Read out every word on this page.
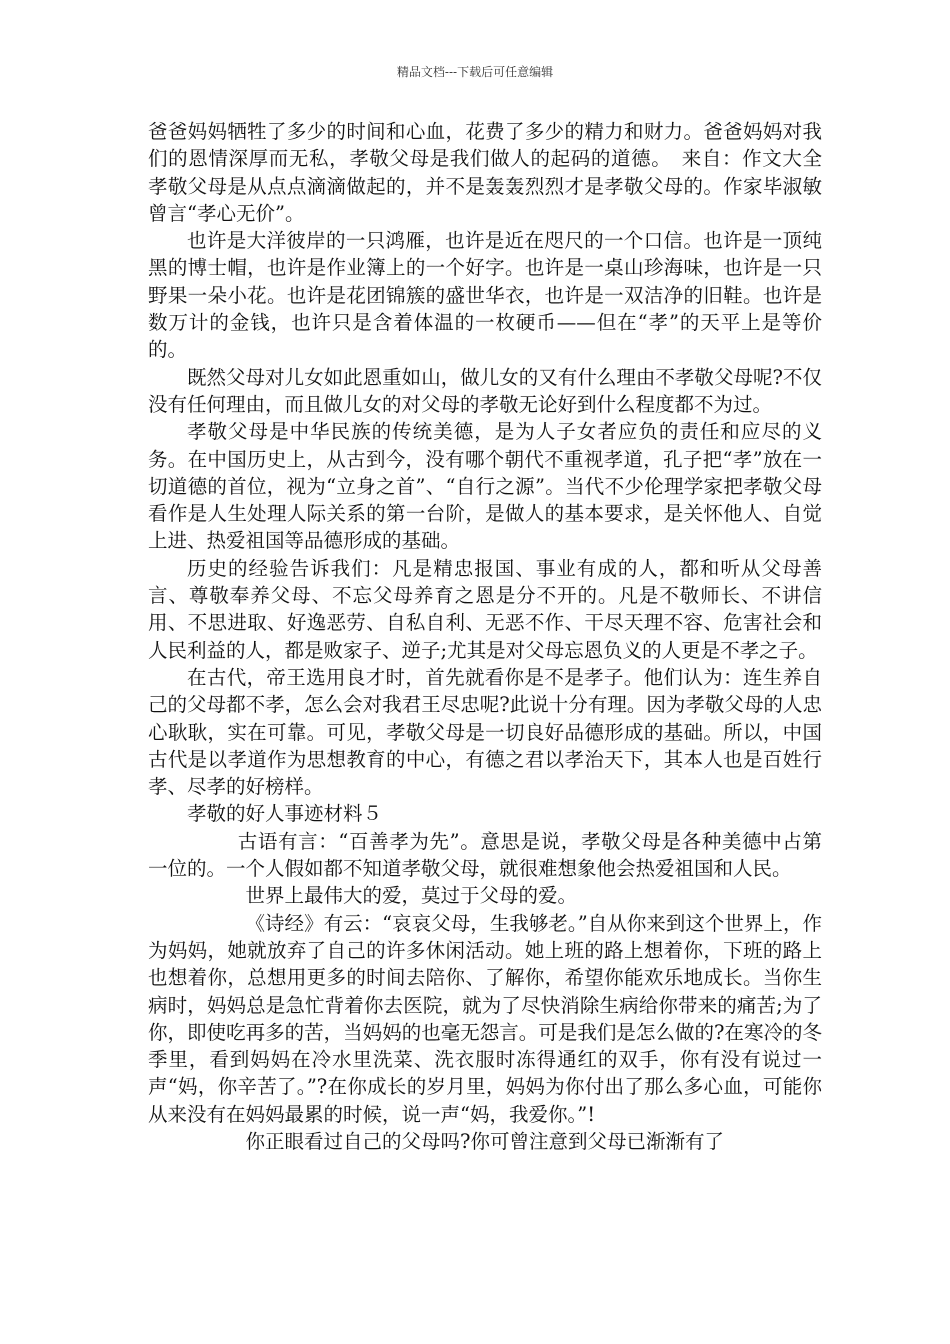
精品文档---下载后可任意编辑

爸爸妈妈牺牲了多少的时间和心血，花费了多少的精力和财力。爸爸妈妈对我们的恩情深厚而无私，孝敬父母是我们做人的起码的道德。　来自：作文大全　　孝敬父母是从点点滴滴做起的，并不是轰轰烈烈才是孝敬父母的。作家毕淑敏曾言“孝心无价”。

也许是大洋彼岸的一只鸿雁，也许是近在咫尺的一个口信。也许是一顶纯黑的博士帽，也许是作业簿上的一个好字。也许是一桌山珍海味，也许是一只野果一朵小花。也许是花团锦簇的盛世华衣，也许是一双洁净的旧鞋。也许是数万计的金钱，也许只是含着体温的一枚硬币——但在“孝”的天平上是等价的。

既然父母对儿女如此恩重如山，做儿女的又有什么理由不孝敬父母呢?不仅没有任何理由，而且做儿女的对父母的孝敬无论好到什么程度都不为过。

孝敬父母是中华民族的传统美德，是为人子女者应负的责任和应尽的义务。在中国历史上，从古到今，没有哪个朝代不重视孝道，孔子把“孝”放在一切道德的首位，视为“立身之首”、“自行之源”。当代不少伦理学家把孝敬父母看作是人生处理人际关系的第一台阶，是做人的基本要求，是关怀他人、自觉上进、热爱祖国等品德形成的基础。

历史的经验告诉我们：凡是精忠报国、事业有成的人，都和听从父母善言、尊敬奉养父母、不忘父母养育之恩是分不开的。凡是不敬师长、不讲信用、不思进取、好逸恶劳、自私自利、无恶不作、干尽天理不容、危害社会和人民利益的人，都是败家子、逆子;尤其是对父母忘恩负义的人更是不孝之子。

在古代，帝王选用良才时，首先就看你是不是孝子。他们认为：连生养自己的父母都不孝，怎么会对我君王尽忠呢?此说十分有理。因为孝敬父母的人忠心耿耿，实在可靠。可见，孝敬父母是一切良好品德形成的基础。所以，中国古代是以孝道作为思想教育的中心，有德之君以孝治天下，其本人也是百姓行孝、尽孝的好榜样。

孝敬的好人事迹材料５

古语有言：“百善孝为先”。意思是说，孝敬父母是各种美德中占第一位的。一个人假如都不知道孝敬父母，就很难想象他会热爱祖国和人民。

世界上最伟大的爱，莫过于父母的爱。

《诗经》有云：“哀哀父母，生我够老。”自从你来到这个世界上，作为妈妈，她就放弃了自己的许多休闲活动。她上班的路上想着你，下班的路上也想着你，总想用更多的时间去陪你、了解你，希望你能欢乐地成长。当你生病时，妈妈总是急忙背着你去医院，就为了尽快消除生病给你带来的痛苦;为了你，即使吃再多的苦，当妈妈的也毫无怨言。可是我们是怎么做的?在寒冷的冬季里，看到妈妈在冷水里洗菜、洗衣服时冻得通红的双手，你有没有说过一声“妈，你辛苦了。”?在你成长的岁月里，妈妈为你付出了那么多心血，可能你从来没有在妈妈最累的时候，说一声“妈，我爱你。”!

你正眼看过自己的父母吗?你可曾注意到父母已渐渐有了
